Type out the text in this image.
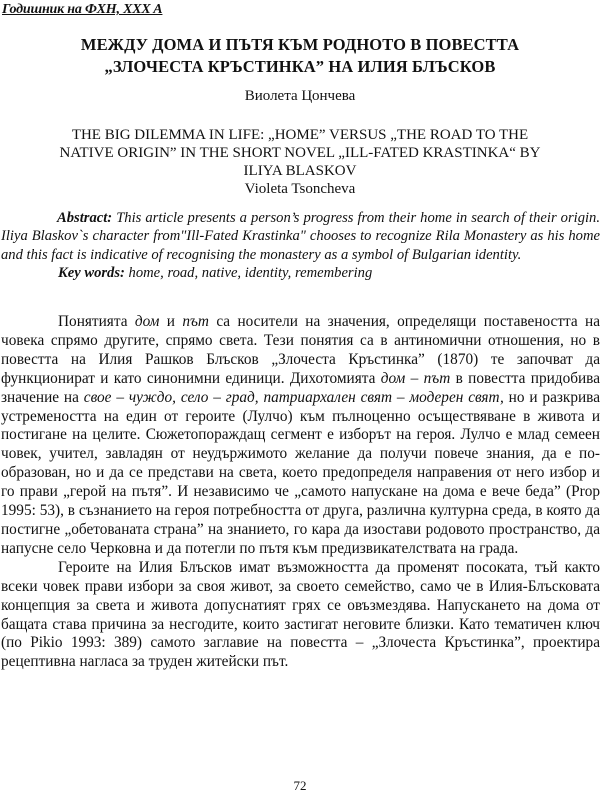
Годишник на ФХН, XXX A
МЕЖДУ ДОМА И ПЪТЯ КЪМ РОДНОТО В ПОВЕСТТА
„ЗЛОЧЕСТА КРЪСТИНКА” НА ИЛИЯ БЛЪСКОВ
Виолета Цончева
THE BIG DILEMMA IN LIFE: „HOME” VERSUS „THE ROAD TO THE
NATIVE ORIGIN” IN THE SHORT NOVEL „ILL-FATED KRASTINKA“ BY
ILIYA BLASKOV
Violeta Tsoncheva
Abstract: This article presents a person’s progress from their home in search of their origin. Iliya Blaskov`s character from"Ill-Fated Krastinka" chooses to recognize Rila Monastery as his home and this fact is indicative of recognising the monastery as a symbol of Bulgarian identity.
Key words: home, road, native, identity, remembering

Понятията дом и път са носители на значения, определящи поставеността на човека спрямо другите, спрямо света. Тези понятия са в антиномични отношения, но в повестта на Илия Рашков Блъсков „Злочеста Кръстинка” (1870) те започват да функционират и като синонимни единици. Дихотомията дом – път в повестта придобива значение на свое – чуждо, село – град, патриархален свят – модерен свят, но и разкрива устремеността на един от героите (Лулчо) към пълноценно осъществяване в живота и постигане на целите. Сюжетопораждащ сегмент е изборът на героя. Лулчо е млад семеен човек, учител, завладян от неудържимото желание да получи повече знания, да е по-образован, но и да се представи на света, което предопределя направения от него избор и го прави „герой на пътя”. И независимо че „самото напускане на дома е вече беда” (Prop 1995: 53), в съзнанието на героя потребността от друга, различна културна среда, в която да постигне „обетованата страна” на знанието, го кара да изостави родовото пространство, да напусне село Черковна и да потегли по пътя към предизвикателствата на града.

Героите на Илия Блъсков имат възможността да променят посоката, тъй както всеки човек прави избори за своя живот, за своето семейство, само че в Илия-Блъсковата концепция за света и живота допуснатият грях се овъзмездява. Напускането на дома от бащата става причина за несгодите, които застигат неговите близки. Като тематичен ключ (по Pikio 1993: 389) самото заглавие на повестта – „Злочеста Кръстинка”, проектира рецептивна нагласа за труден житейски път.

72
